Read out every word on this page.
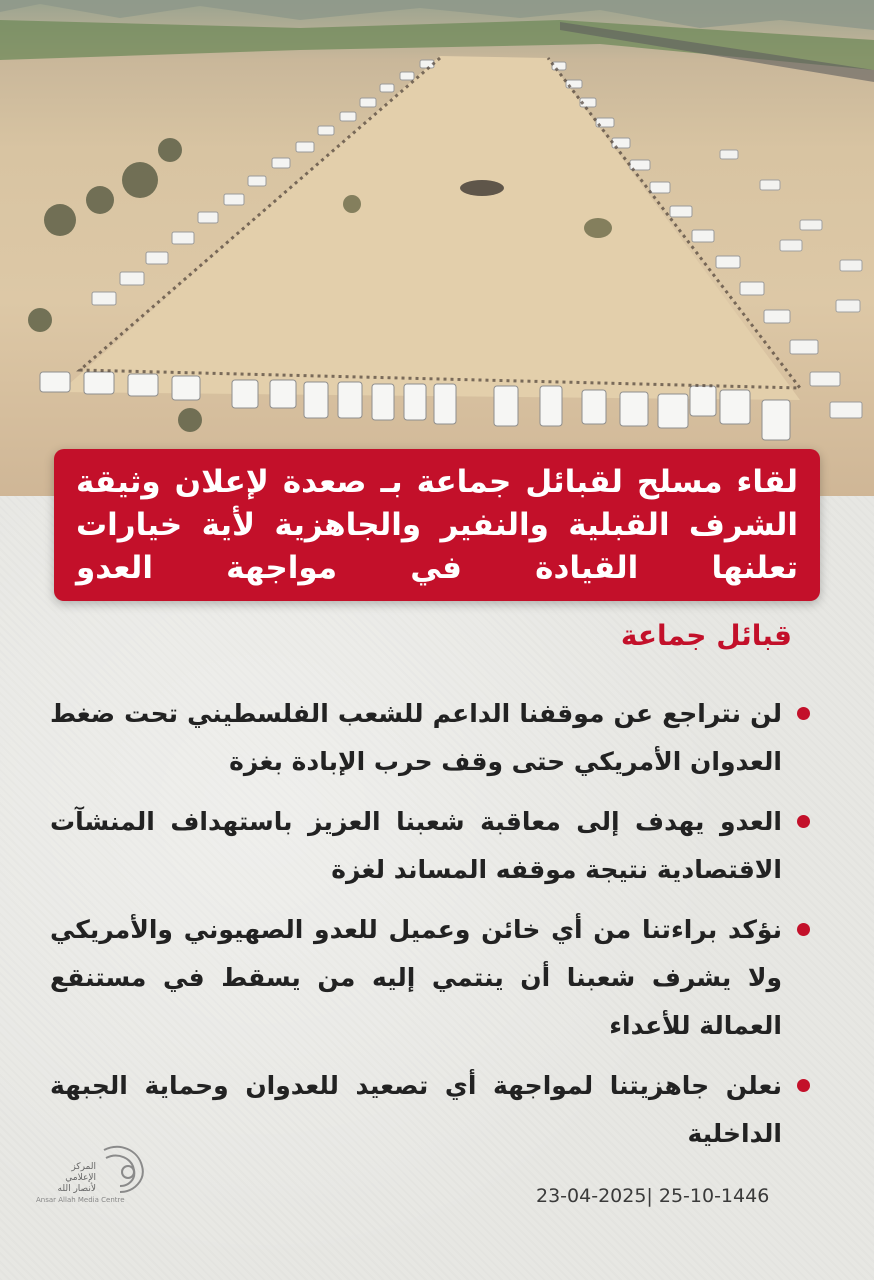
لقاء مسلح لقبائل جماعة بـ صعدة لإعلان وثيقة
الشرف القبلية والنفير والجاهزية لأية خيارات
تعلنها القيادة في مواجهة العدو
قبائل جماعة
لن نتراجع عن موقفنا الداعم للشعب الفلسطيني تحت ضغط العدوان الأمريكي حتى وقف حرب الإبادة بغزة
العدو يهدف إلى معاقبة شعبنا العزيز باستهداف المنشآت الاقتصادية نتيجة موقفه المساند لغزة
نؤكد براءتنا من أي خائن وعميل للعدو الصهيوني والأمريكي ولا يشرف شعبنا أن ينتمي إليه من يسقط في مستنقع العمالة للأعداء
نعلن جاهزيتنا لمواجهة أي تصعيد للعدوان وحماية الجبهة الداخلية
المركز الإعلامي لأنصار الله
Ansar Allah Media Centre	23-04-2025| 25-10-1446
